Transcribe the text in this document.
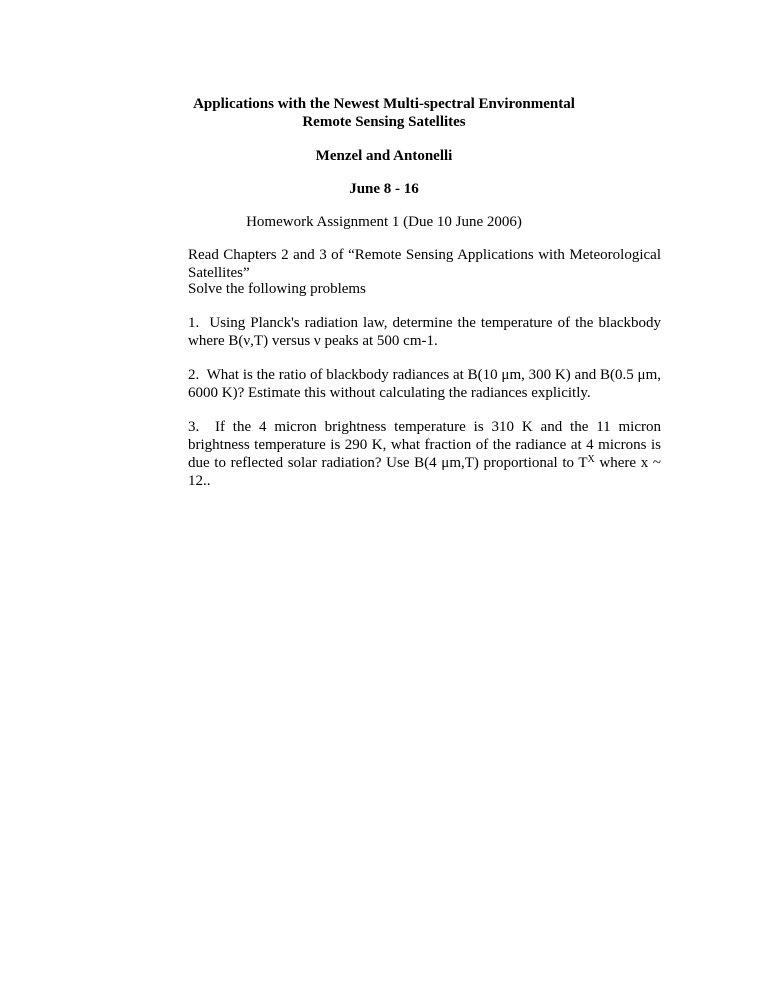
Applications with the Newest Multi-spectral Environmental
Remote Sensing Satellites
Menzel and Antonelli
June 8 - 16
Homework Assignment 1 (Due 10 June 2006)
Read Chapters 2 and 3 of “Remote Sensing Applications with Meteorological Satellites”
Solve the following problems
1. Using Planck's radiation law, determine the temperature of the blackbody where B(ν,T) versus ν peaks at 500 cm-1.
2. What is the ratio of blackbody radiances at B(10 μm, 300 K) and B(0.5 μm, 6000 K)? Estimate this without calculating the radiances explicitly.
3. If the 4 micron brightness temperature is 310 K and the 11 micron brightness temperature is 290 K, what fraction of the radiance at 4 microns is due to reflected solar radiation? Use B(4 μm,T) proportional to $T^X$ where x ~ 12..
